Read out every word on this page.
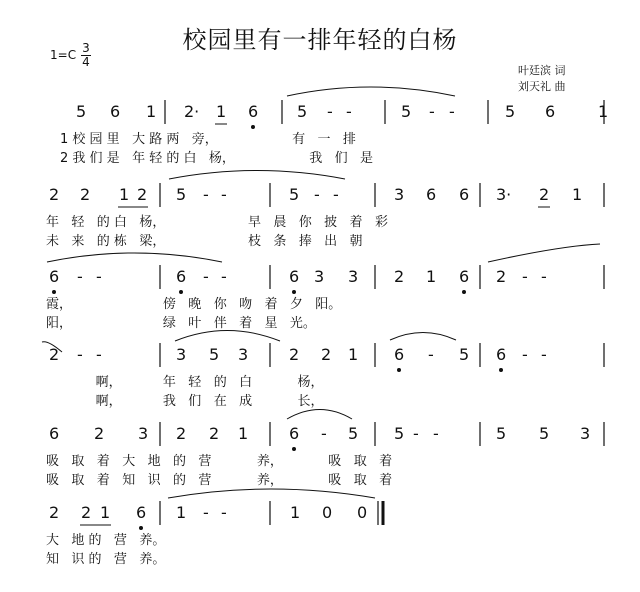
校园里有一排年轻的白杨
1=C 3
4
叶廷滨 词
刘天礼 曲
5 6 1 2· 1 6 5 - -	5 - -	5 6	1
1 校 园 里   大 路 两   旁，                  有   一   排
2 我 们 是   年 轻 的 白   杨，                  我   们   是
2 2 1 2 5 - -	5 - -	3 6 6 3· 2 1
年   轻   的 白   杨，                    早   晨   你   披   着   彩
未   来   的 栋   梁，                    枝   条   捧   出   朝
6 - -	6 - -	6 3 3 2 1 6 2 - -
霞，                      傍   晚   你   吻   着   夕   阳。
阳，                      绿   叶   伴   着   星   光。
2 - -	3 5 3	2 2 1 6 - 5 6 - -
啊，          年   轻   的   白           杨，
啊，          我   们   在   成           长，
6 2 3 2 2 1	6 - 5 5 - -	5 5 3
吸   取   着   大   地   的   营           养，           吸   取   着
吸   取   着   知   识   的   营           养，           吸   取   着
2 2 1 6 1 - -	1 0 0
大   地 的   营   养。
知   识 的   营   养。
